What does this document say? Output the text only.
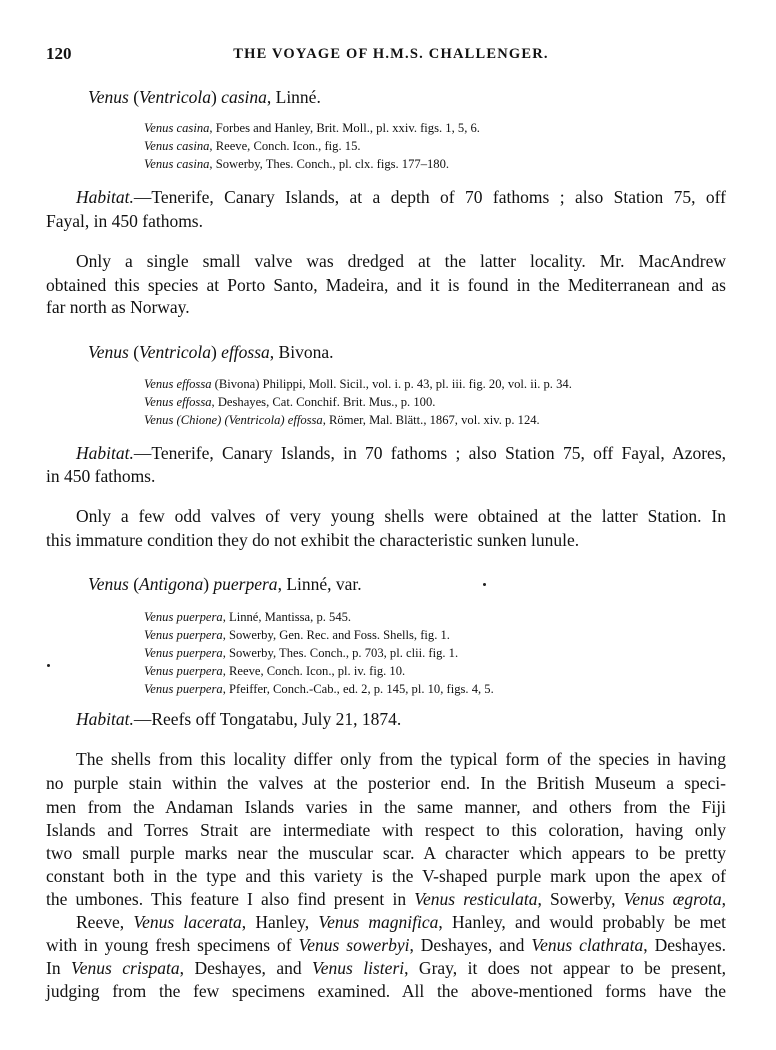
120	THE VOYAGE OF H.M.S. CHALLENGER.
Venus (Ventricola) casina, Linné.
Venus casina, Forbes and Hanley, Brit. Moll., pl. xxiv. figs. 1, 5, 6.
Venus casina, Reeve, Conch. Icon., fig. 15.
Venus casina, Sowerby, Thes. Conch., pl. clx. figs. 177–180.
Habitat.—Tenerife, Canary Islands, at a depth of 70 fathoms ; also Station 75, off
Fayal, in 450 fathoms.
Only a single small valve was dredged at the latter locality. Mr. MacAndrew
obtained this species at Porto Santo, Madeira, and it is found in the Mediterranean and as
far north as Norway.
Venus (Ventricola) effossa, Bivona.
Venus effossa (Bivona) Philippi, Moll. Sicil., vol. i. p. 43, pl. iii. fig. 20, vol. ii. p. 34.
Venus effossa, Deshayes, Cat. Conchif. Brit. Mus., p. 100.
Venus (Chione) (Ventricola) effossa, Römer, Mal. Blätt., 1867, vol. xiv. p. 124.
Habitat.—Tenerife, Canary Islands, in 70 fathoms ; also Station 75, off Fayal, Azores,
in 450 fathoms.
Only a few odd valves of very young shells were obtained at the latter Station. In
this immature condition they do not exhibit the characteristic sunken lunule.
Venus (Antigona) puerpera, Linné, var.
Venus puerpera, Linné, Mantissa, p. 545.
Venus puerpera, Sowerby, Gen. Rec. and Foss. Shells, fig. 1.
Venus puerpera, Sowerby, Thes. Conch., p. 703, pl. clii. fig. 1.
Venus puerpera, Reeve, Conch. Icon., pl. iv. fig. 10.
Venus puerpera, Pfeiffer, Conch.-Cab., ed. 2, p. 145, pl. 10, figs. 4, 5.
Habitat.—Reefs off Tongatabu, July 21, 1874.
The shells from this locality differ only from the typical form of the species in having
no purple stain within the valves at the posterior end. In the British Museum a speci-
men from the Andaman Islands varies in the same manner, and others from the Fiji
Islands and Torres Strait are intermediate with respect to this coloration, having only
two small purple marks near the muscular scar. A character which appears to be pretty
constant both in the type and this variety is the V-shaped purple mark upon the apex of
the umbones. This feature I also find present in Venus resticulata, Sowerby, Venus ægrota,
Reeve, Venus lacerata, Hanley, Venus magnifica, Hanley, and would probably be met
with in young fresh specimens of Venus sowerbyi, Deshayes, and Venus clathrata, Deshayes.
In Venus crispata, Deshayes, and Venus listeri, Gray, it does not appear to be present,
judging from the few specimens examined. All the above-mentioned forms have the
